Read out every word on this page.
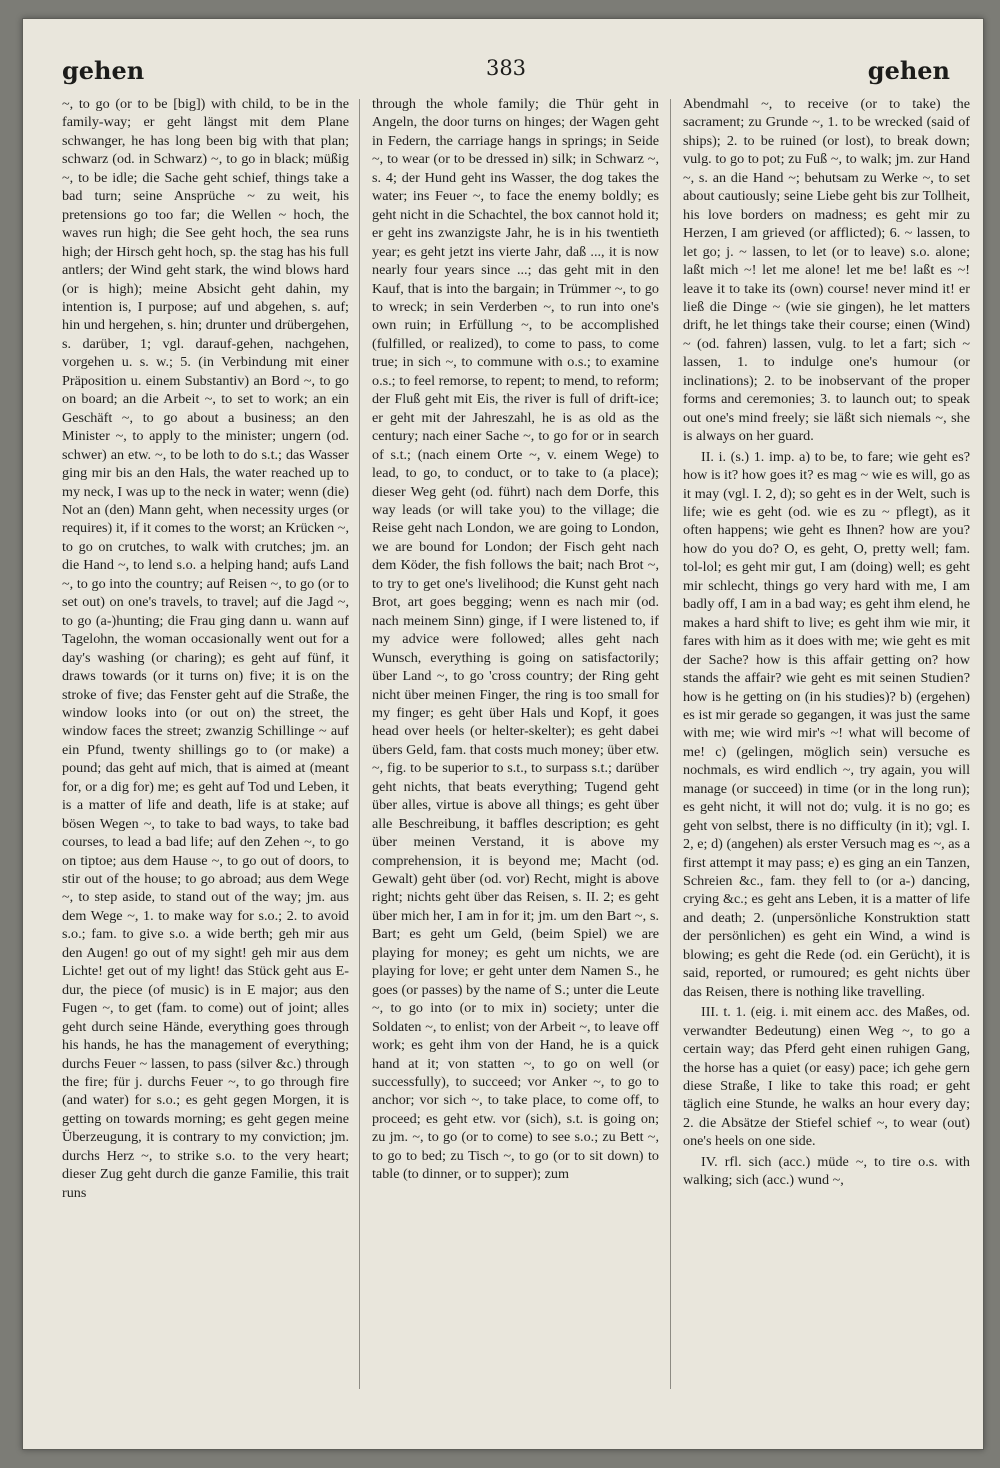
gehen	383	gehen

~, to go (or to be [big]) with child, to be in the family-way; er geht längst mit dem Plane schwanger, he has long been big with that plan; schwarz (od. in Schwarz) ~, to go in black; müßig ~, to be idle; die Sache geht schief, things take a bad turn; seine Ansprüche ~ zu weit, his pretensions go too far; die Wellen ~ hoch, the waves run high; die See geht hoch, the sea runs high; der Hirsch geht hoch, sp. the stag has his full antlers; der Wind geht stark, the wind blows hard (or is high); meine Absicht geht dahin, my intention is, I purpose; auf und abgehen, s. auf; hin und hergehen, s. hin; drunter und drübergehen, s. darüber, 1; vgl. darauf-gehen, nachgehen, vorgehen u. s. w.; 5. (in Verbindung mit einer Präposition u. einem Substantiv) an Bord ~, to go on board; an die Arbeit ~, to set to work; an ein Geschäft ~, to go about a business; an den Minister ~, to apply to the minister; ungern (od. schwer) an etw. ~, to be loth to do s.t.; das Wasser ging mir bis an den Hals, the water reached up to my neck, I was up to the neck in water; wenn (die) Not an (den) Mann geht, when necessity urges (or requires) it, if it comes to the worst; an Krücken ~, to go on crutches, to walk with crutches; jm. an die Hand ~, to lend s.o. a helping hand; aufs Land ~, to go into the country; auf Reisen ~, to go (or to set out) on one's travels, to travel; auf die Jagd ~, to go (a-)hunting; die Frau ging dann u. wann auf Tagelohn, the woman occasionally went out for a day's washing (or charing); es geht auf fünf, it draws towards (or it turns on) five; it is on the stroke of five; das Fenster geht auf die Straße, the window looks into (or out on) the street, the window faces the street; zwanzig Schillinge ~ auf ein Pfund, twenty shillings go to (or make) a pound; das geht auf mich, that is aimed at (meant for, or a dig for) me; es geht auf Tod und Leben, it is a matter of life and death, life is at stake; auf bösen Wegen ~, to take to bad ways, to take bad courses, to lead a bad life; auf den Zehen ~, to go on tiptoe; aus dem Hause ~, to go out of doors, to stir out of the house; to go abroad; aus dem Wege ~, to step aside, to stand out of the way; jm. aus dem Wege ~, 1. to make way for s.o.; 2. to avoid s.o.; fam. to give s.o. a wide berth; geh mir aus den Augen! go out of my sight! geh mir aus dem Lichte! get out of my light! das Stück geht aus E-dur, the piece (of music) is in E major; aus den Fugen ~, to get (fam. to come) out of joint; alles geht durch seine Hände, everything goes through his hands, he has the management of everything; durchs Feuer ~ lassen, to pass (silver &c.) through the fire; für j. durchs Feuer ~, to go through fire (and water) for s.o.; es geht gegen Morgen, it is getting on towards morning; es geht gegen meine Überzeugung, it is contrary to my conviction; jm. durchs Herz ~, to strike s.o. to the very heart; dieser Zug geht durch die ganze Familie, this trait runs

through the whole family; die Thür geht in Angeln, the door turns on hinges; der Wagen geht in Federn, the carriage hangs in springs; in Seide ~, to wear (or to be dressed in) silk; in Schwarz ~, s. 4; der Hund geht ins Wasser, the dog takes the water; ins Feuer ~, to face the enemy boldly; es geht nicht in die Schachtel, the box cannot hold it; er geht ins zwanzigste Jahr, he is in his twentieth year; es geht jetzt ins vierte Jahr, daß ..., it is now nearly four years since ...; das geht mit in den Kauf, that is into the bargain; in Trümmer ~, to go to wreck; in sein Verderben ~, to run into one's own ruin; in Erfüllung ~, to be accomplished (fulfilled, or realized), to come to pass, to come true; in sich ~, to commune with o.s.; to examine o.s.; to feel remorse, to repent; to mend, to reform; der Fluß geht mit Eis, the river is full of drift-ice; er geht mit der Jahreszahl, he is as old as the century; nach einer Sache ~, to go for or in search of s.t.; (nach einem Orte ~, v. einem Wege) to lead, to go, to conduct, or to take to (a place); dieser Weg geht (od. führt) nach dem Dorfe, this way leads (or will take you) to the village; die Reise geht nach London, we are going to London, we are bound for London; der Fisch geht nach dem Köder, the fish follows the bait; nach Brot ~, to try to get one's livelihood; die Kunst geht nach Brot, art goes begging; wenn es nach mir (od. nach meinem Sinn) ginge, if I were listened to, if my advice were followed; alles geht nach Wunsch, everything is going on satisfactorily; über Land ~, to go 'cross country; der Ring geht nicht über meinen Finger, the ring is too small for my finger; es geht über Hals und Kopf, it goes head over heels (or helter-skelter); es geht dabei übers Geld, fam. that costs much money; über etw. ~, fig. to be superior to s.t., to surpass s.t.; darüber geht nichts, that beats everything; Tugend geht über alles, virtue is above all things; es geht über alle Beschreibung, it baffles description; es geht über meinen Verstand, it is above my comprehension, it is beyond me; Macht (od. Gewalt) geht über (od. vor) Recht, might is above right; nichts geht über das Reisen, s. II. 2; es geht über mich her, I am in for it; jm. um den Bart ~, s. Bart; es geht um Geld, (beim Spiel) we are playing for money; es geht um nichts, we are playing for love; er geht unter dem Namen S., he goes (or passes) by the name of S.; unter die Leute ~, to go into (or to mix in) society; unter die Soldaten ~, to enlist; von der Arbeit ~, to leave off work; es geht ihm von der Hand, he is a quick hand at it; von statten ~, to go on well (or successfully), to succeed; vor Anker ~, to go to anchor; vor sich ~, to take place, to come off, to proceed; es geht etw. vor (sich), s.t. is going on; zu jm. ~, to go (or to come) to see s.o.; zu Bett ~, to go to bed; zu Tisch ~, to go (or to sit down) to table (to dinner, or to supper); zum

Abendmahl ~, to receive (or to take) the sacrament; zu Grunde ~, 1. to be wrecked (said of ships); 2. to be ruined (or lost), to break down; vulg. to go to pot; zu Fuß ~, to walk; jm. zur Hand ~, s. an die Hand ~; behutsam zu Werke ~, to set about cautiously; seine Liebe geht bis zur Tollheit, his love borders on madness; es geht mir zu Herzen, I am grieved (or afflicted); 6. ~ lassen, to let go; j. ~ lassen, to let (or to leave) s.o. alone; laßt mich ~! let me alone! let me be! laßt es ~! leave it to take its (own) course! never mind it! er ließ die Dinge ~ (wie sie gingen), he let matters drift, he let things take their course; einen (Wind) ~ (od. fahren) lassen, vulg. to let a fart; sich ~ lassen, 1. to indulge one's humour (or inclinations); 2. to be inobservant of the proper forms and ceremonies; 3. to launch out; to speak out one's mind freely; sie läßt sich niemals ~, she is always on her guard.

II. i. (s.) 1. imp. a) to be, to fare; wie geht es? how is it? how goes it? es mag ~ wie es will, go as it may (vgl. I. 2, d); so geht es in der Welt, such is life; wie es geht (od. wie es zu ~ pflegt), as it often happens; wie geht es Ihnen? how are you? how do you do? O, es geht, O, pretty well; fam. tol-lol; es geht mir gut, I am (doing) well; es geht mir schlecht, things go very hard with me, I am badly off, I am in a bad way; es geht ihm elend, he makes a hard shift to live; es geht ihm wie mir, it fares with him as it does with me; wie geht es mit der Sache? how is this affair getting on? how stands the affair? wie geht es mit seinen Studien? how is he getting on (in his studies)? b) (ergehen) es ist mir gerade so gegangen, it was just the same with me; wie wird mir's ~! what will become of me! c) (gelingen, möglich sein) versuche es nochmals, es wird endlich ~, try again, you will manage (or succeed) in time (or in the long run); es geht nicht, it will not do; vulg. it is no go; es geht von selbst, there is no difficulty (in it); vgl. I. 2, e; d) (angehen) als erster Versuch mag es ~, as a first attempt it may pass; e) es ging an ein Tanzen, Schreien &c., fam. they fell to (or a-) dancing, crying &c.; es geht ans Leben, it is a matter of life and death; 2. (unpersönliche Konstruktion statt der persönlichen) es geht ein Wind, a wind is blowing; es geht die Rede (od. ein Gerücht), it is said, reported, or rumoured; es geht nichts über das Reisen, there is nothing like travelling.

III. t. 1. (eig. i. mit einem acc. des Maßes, od. verwandter Bedeutung) einen Weg ~, to go a certain way; das Pferd geht einen ruhigen Gang, the horse has a quiet (or easy) pace; ich gehe gern diese Straße, I like to take this road; er geht täglich eine Stunde, he walks an hour every day; 2. die Absätze der Stiefel schief ~, to wear (out) one's heels on one side.

IV. rfl. sich (acc.) müde ~, to tire o.s. with walking; sich (acc.) wund ~,
